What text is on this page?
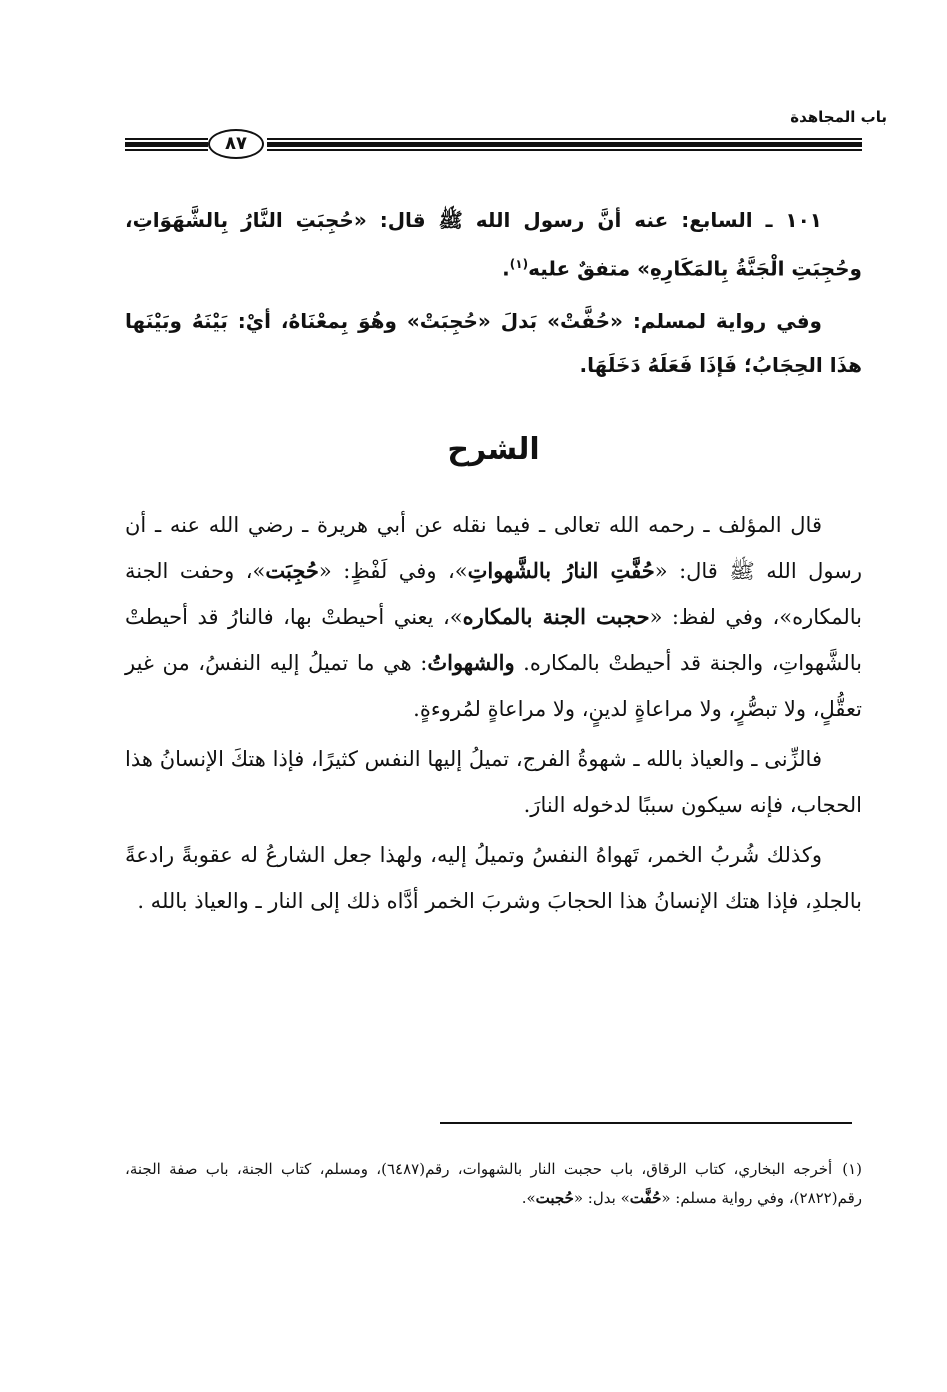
باب المجاهدة
٨٧

١٠١ ـ السابع: عنه أنَّ رسول الله ﷺ قال: «حُجِبَتِ النَّارُ بِالشَّهَوَاتِ، وحُجِبَتِ الْجَنَّةُ بِالمَكَارِهِ» متفقٌ عليه$^{(١)}$.

وفي رواية لمسلم: «حُفَّتْ» بَدلَ «حُجِبَتْ» وهُوَ بِمعْنَاهُ، أيْ: بَيْنَهُ وبَيْنَها هذَا الحِجَابُ؛ فَإذَا فَعَلَهُ دَخَلَهَا.

الشرح

قال المؤلف ـ رحمه الله تعالى ـ فيما نقله عن أبي هريرة ـ رضي الله عنه ـ أن رسول الله ﷺ قال: «حُفَّتِ النارُ بالشَّهواتِ»، وفي لَفْظٍ: «حُجِبَت»، وحفت الجنة بالمكاره»، وفي لفظ: «حجبت الجنة بالمكاره»، يعني أحيطتْ بها، فالنارُ قد أحيطتْ بالشَّهواتِ، والجنة قد أحيطتْ بالمكاره. والشهواتُ: هي ما تميلُ إليه النفسُ، من غير تعقُّلٍ، ولا تبصُّرٍ، ولا مراعاةٍ لدينٍ، ولا مراعاةٍ لمُروءةٍ.

فالزِّنى ـ والعياذ بالله ـ شهوةُ الفرج، تميلُ إليها النفس كثيرًا، فإذا هتكَ الإنسانُ هذا الحجاب، فإنه سيكون سببًا لدخوله النارَ.

وكذلك شُربُ الخمر، تَهواهُ النفسُ وتميلُ إليه، ولهذا جعل الشارعُ له عقوبةً رادعةً بالجلدِ، فإذا هتك الإنسانُ هذا الحجابَ وشربَ الخمر أدَّاه ذلك إلى النار ـ والعياذ بالله .

(١)أخرجه البخاري، كتاب الرقاق، باب حجبت النار بالشهوات، رقم(٦٤٨٧)، ومسلم، كتاب الجنة، باب صفة الجنة، رقم(٢٨٢٢)، وفي رواية مسلم: «حُفَّت» بدل: «حُجبت».
